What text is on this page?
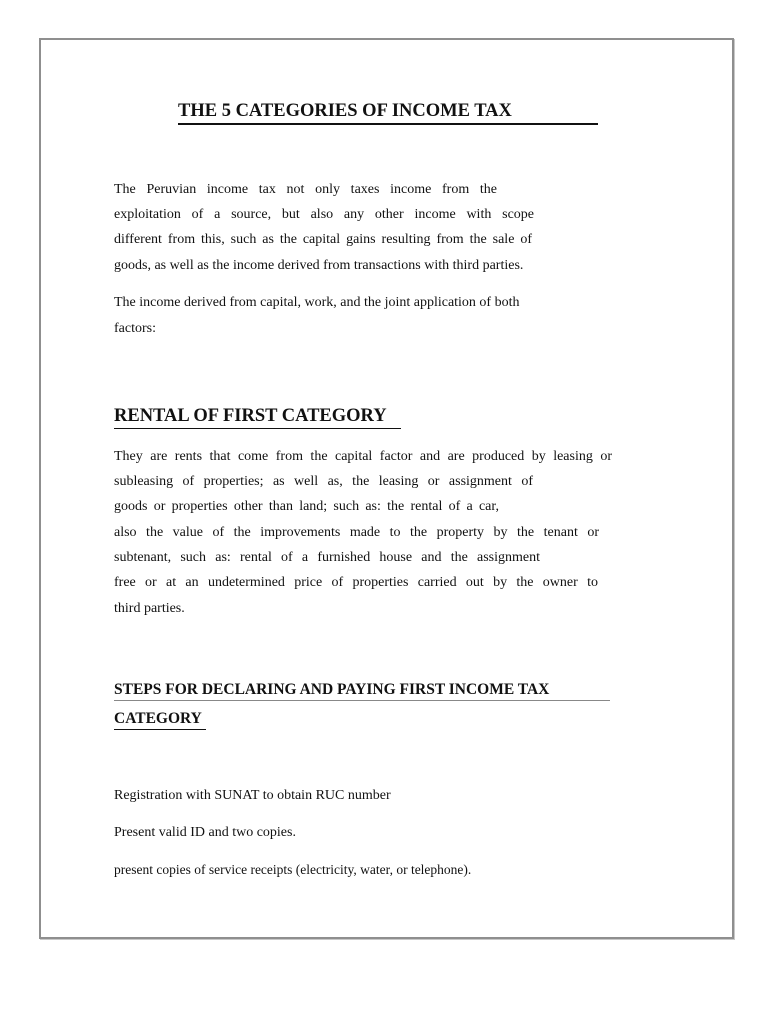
THE 5 CATEGORIES OF INCOME TAX
The Peruvian income tax not only taxes income from the
exploitation of a source, but also any other income with scope
different from this, such as the capital gains resulting from the sale of
goods, as well as the income derived from transactions with third parties.
The income derived from capital, work, and the joint application of both
factors:
RENTAL OF FIRST CATEGORY
They are rents that come from the capital factor and are produced by leasing or
subleasing of properties; as well as, the leasing or assignment of
goods or properties other than land; such as: the rental of a car,
also the value of the improvements made to the property by the tenant or
subtenant, such as: rental of a furnished house and the assignment
free or at an undetermined price of properties carried out by the owner to
third parties.
STEPS FOR DECLARING AND PAYING FIRST INCOME TAX
CATEGORY
Registration with SUNAT to obtain RUC number
Present valid ID and two copies.
present copies of service receipts (electricity, water, or telephone).
